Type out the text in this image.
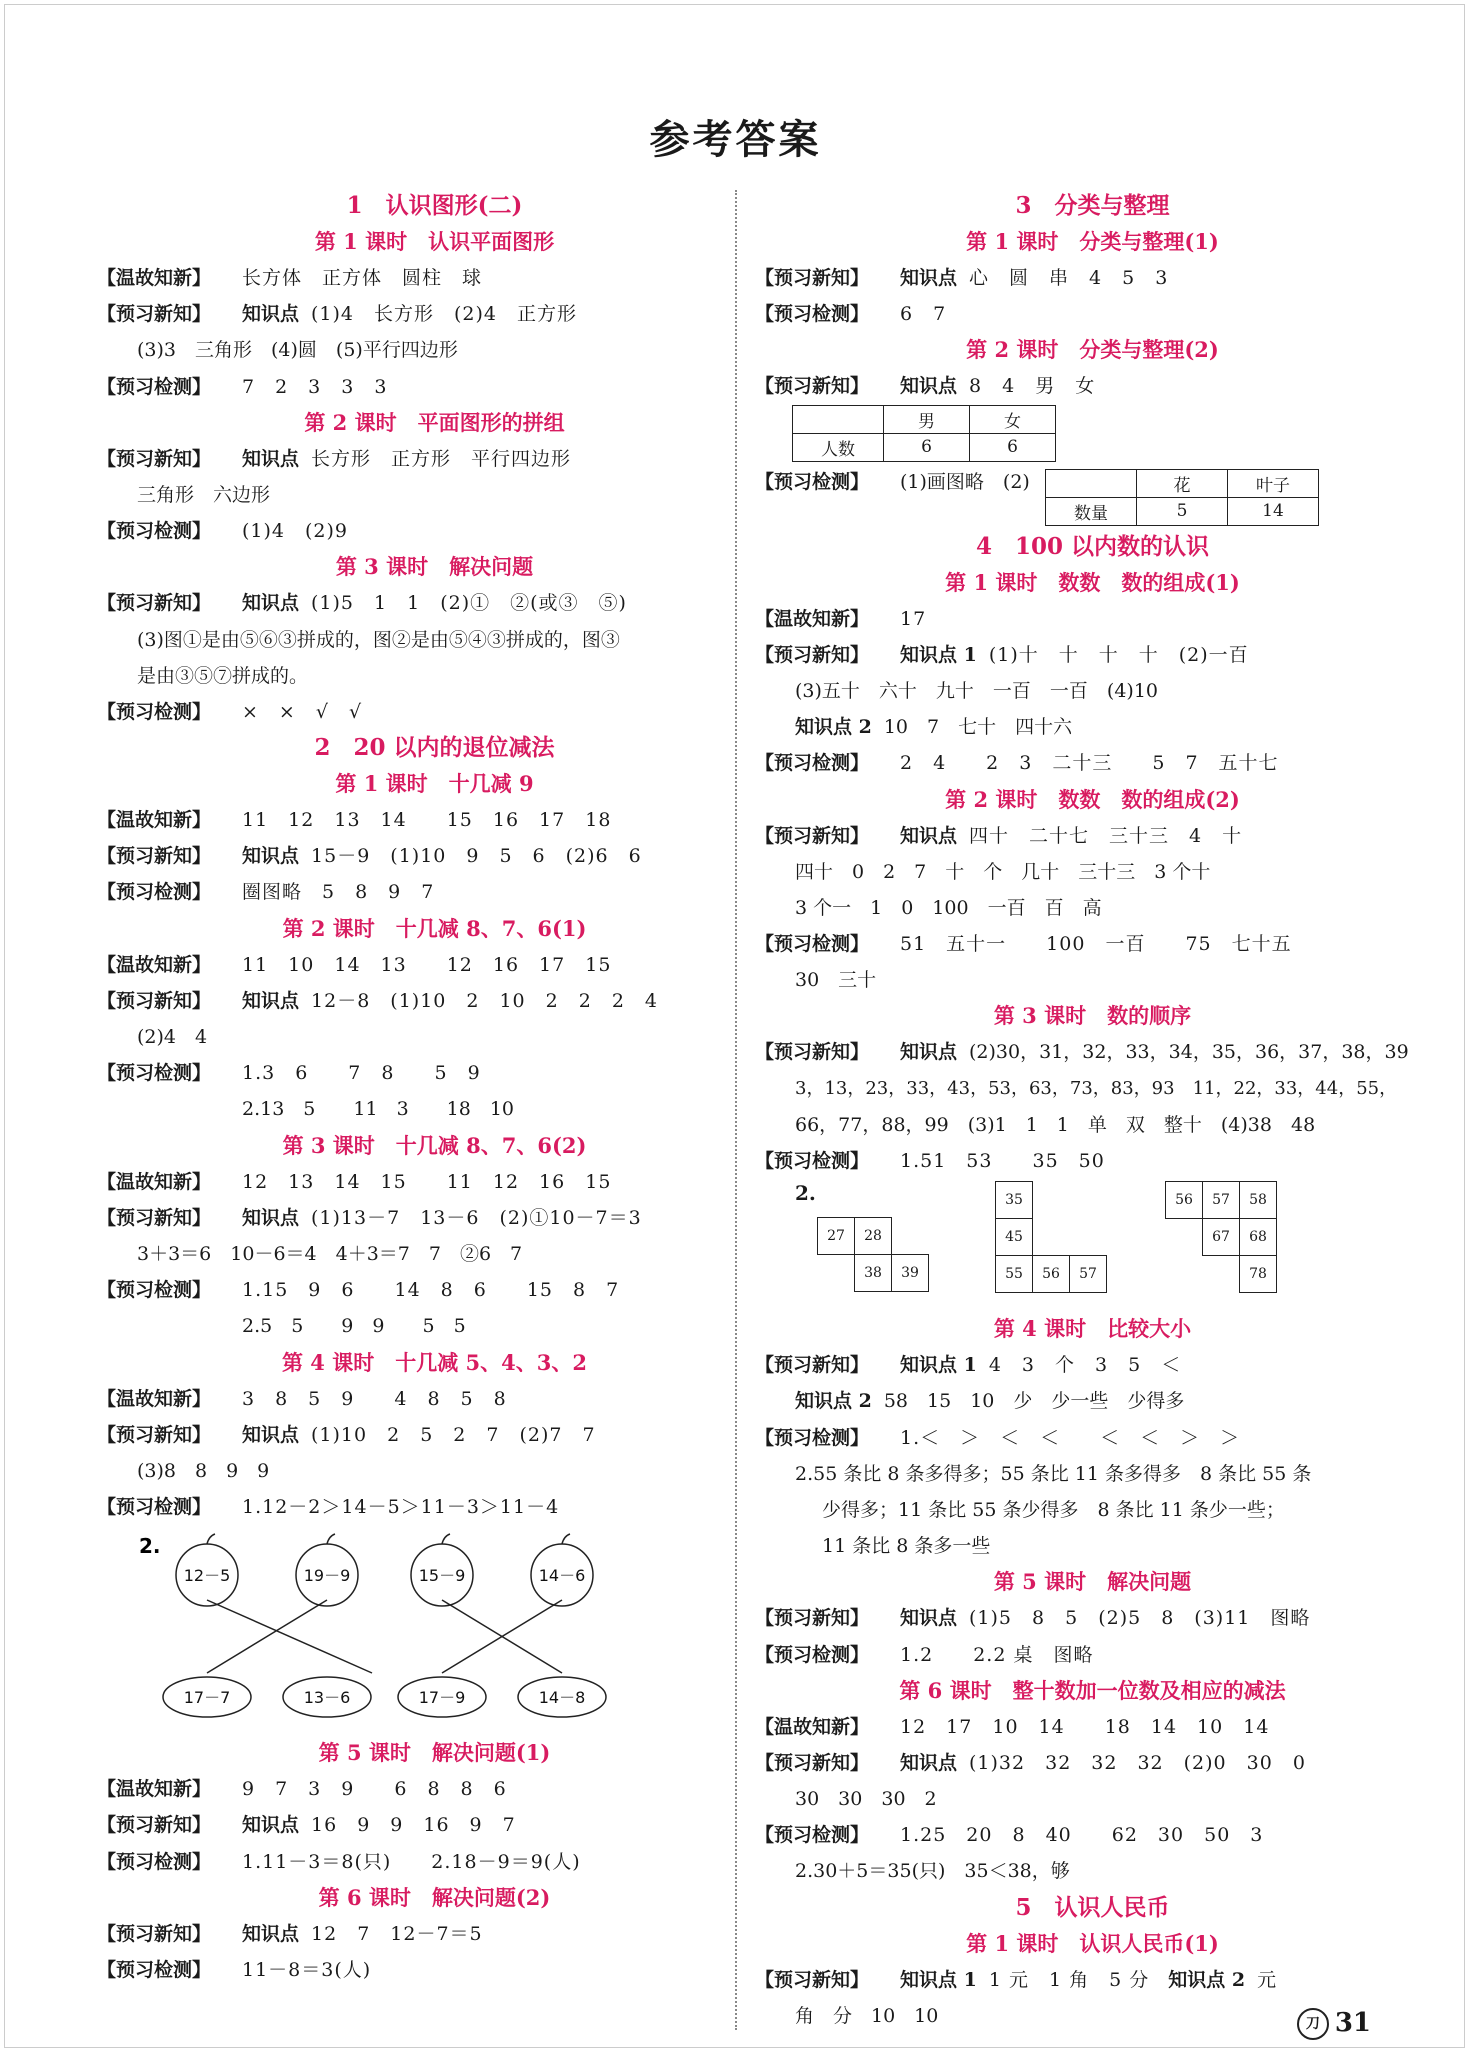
参考答案
1　认识图形(二)
第 1 课时　认识平面图形
【温故知新】 长方体　正方体　圆柱　球
【预习新知】 知识点 (1)4　长方形　(2)4　正方形
(3)3　三角形　(4)圆　(5)平行四边形
【预习检测】 7　2　3　3　3
第 2 课时　平面图形的拼组
【预习新知】 知识点 长方形　正方形　平行四边形
三角形　六边形
【预习检测】 (1)4　(2)9
第 3 课时　解决问题
【预习新知】 知识点 (1)5　1　1　(2)①　②(或③　⑤)
(3)图①是由⑤⑥③拼成的，图②是由⑤④③拼成的，图③
是由③⑤⑦拼成的。
【预习检测】 ×　×　√　√
2　20 以内的退位减法
第 1 课时　十几减 9
【温故知新】 11　12　13　14　　15　16　17　18
【预习新知】 知识点 15－9　(1)10　9　5　6　(2)6　6
【预习检测】 圈图略　5　8　9　7
第 2 课时　十几减 8、7、6(1)
【温故知新】 11　10　14　13　　12　16　17　15
【预习新知】 知识点 12－8　(1)10　2　10　2　2　2　4
(2)4　4
【预习检测】 1.3　6　　7　8　　5　9
2.13　5　　11　3　　18　10
第 3 课时　十几减 8、7、6(2)
【温故知新】 12　13　14　15　　11　12　16　15
【预习新知】 知识点 (1)13－7　13－6　(2)①10－7＝3
3＋3＝6　10－6＝4　4＋3＝7　7　②6　7
【预习检测】 1.15　9　6　　14　8　6　　15　8　7
2.5　5　　9　9　　5　5
第 4 课时　十几减 5、4、3、2
【温故知新】 3　8　5　9　　4　8　5　8
【预习新知】 知识点 (1)10　2　5　2　7　(2)7　7
(3)8　8　9　9
【预习检测】 1.12－2＞14－5＞11－3＞11－4
2.
12－5	19－9	15－9	14－6
17－7	13－6	17－9	14－8
第 5 课时　解决问题(1)
【温故知新】 9　7　3　9　　6　8　8　6
【预习新知】 知识点 16　9　9　16　9　7
【预习检测】 1.11－3＝8(只)　　2.18－9＝9(人)
第 6 课时　解决问题(2)
【预习新知】 知识点 12　7　12－7＝5
【预习检测】 11－8＝3(人)
3　分类与整理
第 1 课时　分类与整理(1)
【预习新知】 知识点 心　圆　串　4　5　3
【预习检测】 6　7
第 2 课时　分类与整理(2)
【预习新知】 知识点 8　4　男　女
	男	女
人数	6	6
【预习检测】	(1)画图略　(2)
		花	叶子
数量	5	14
4　100 以内数的认识
第 1 课时　数数　数的组成(1)
【温故知新】 17
【预习新知】 知识点 1 (1)十　十　十　十　(2)一百
(3)五十　六十　九十　一百　一百　(4)10
知识点 2 10　7　七十　四十六
【预习检测】 2　4　　2　3　二十三　　5　7　五十七
第 2 课时　数数　数的组成(2)
【预习新知】 知识点 四十　二十七　三十三　4　十
四十　0　2　7　十　个　几十　三十三　3 个十
3 个一　1　0　100　一百　百　高
【预习检测】 51　五十一　　100　一百　　75　七十五
30　三十
第 3 课时　数的顺序
【预习新知】 知识点 (2)30，31，32，33，34，35，36，37，38，39
3，13，23，33，43，53，63，73，83，93　11，22，33，44，55，
66，77，88，99　(3)1　1　1　单　双　整十　(4)38　48
【预习检测】 1.51　53　　35　50
2.
27	28	
	38	39
35		
45		
55	56	57
56	57	58
	67	68
		78
第 4 课时　比较大小
【预习新知】 知识点 1 4　3　个　3　5　＜
知识点 2 58　15　10　少　少一些　少得多
【预习检测】 1.＜　＞　＜　＜　　＜　＜　＞　＞
2.55 条比 8 条多得多；55 条比 11 条多得多　8 条比 55 条
少得多；11 条比 55 条少得多　8 条比 11 条少一些；
11 条比 8 条多一些
第 5 课时　解决问题
【预习新知】 知识点 (1)5　8　5　(2)5　8　(3)11　图略
【预习检测】 1.2　　2.2 桌　图略
第 6 课时　整十数加一位数及相应的减法
【温故知新】 12　17　10　14　　18　14　10　14
【预习新知】 知识点 (1)32　32　32　32　(2)0　30　0
30　30　30　2
【预习检测】 1.25　20　8　40　　62　30　50　3
2.30＋5＝35(只)　35＜38，够
5　认识人民币
第 1 课时　认识人民币(1)
【预习新知】 知识点 1 1 元　1 角　5 分　 知识点 2 元
角　分　10　10	刀 31
